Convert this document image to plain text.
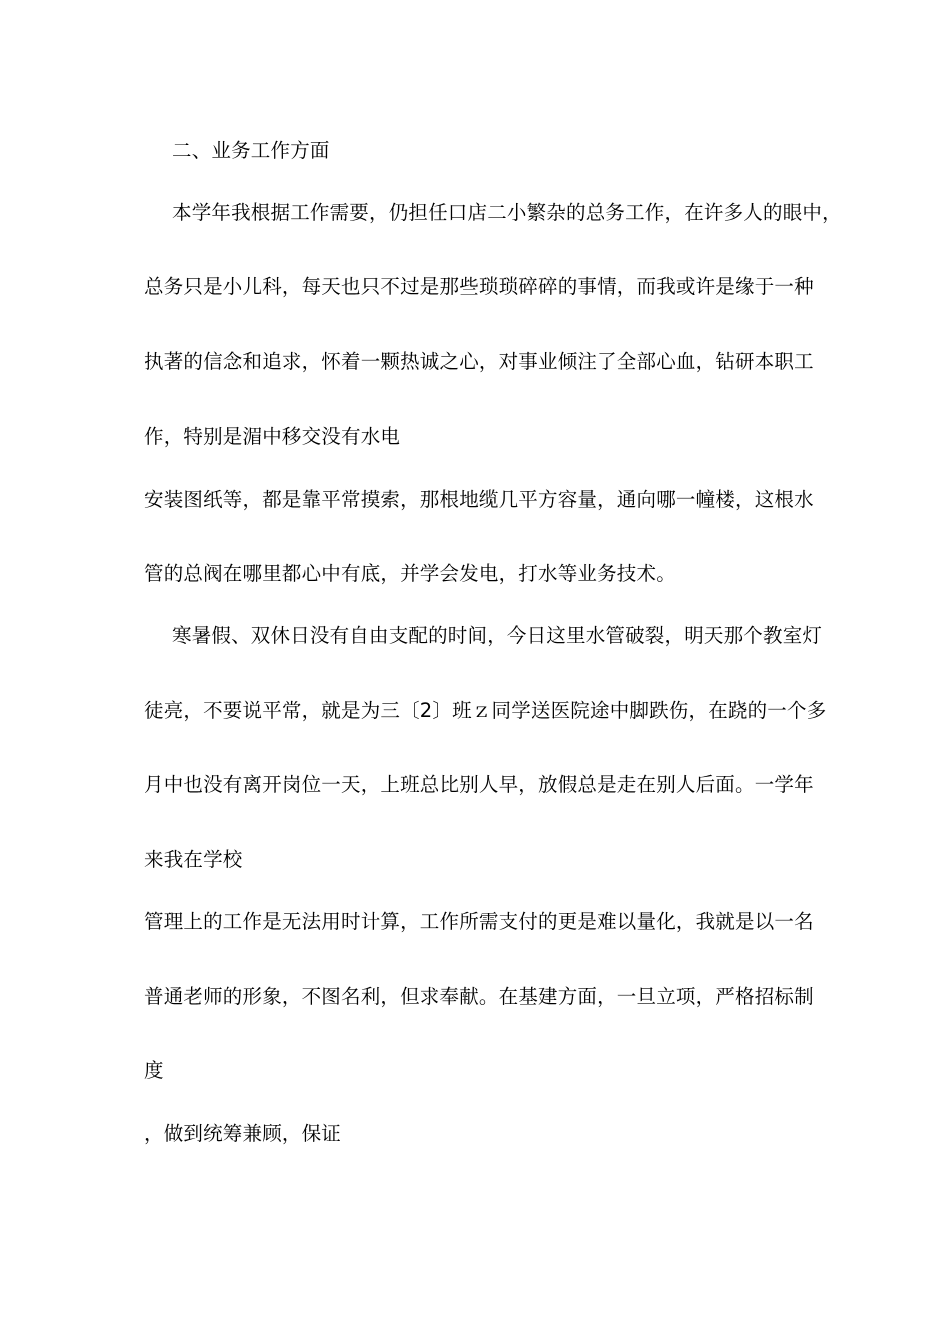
二、业务工作方面
本学年我根据工作需要，仍担任口店二小繁杂的总务工作，在许多人的眼中，
总务只是小儿科，每天也只不过是那些琐琐碎碎的事情，而我或许是缘于一种
执著的信念和追求，怀着一颗热诚之心，对事业倾注了全部心血，钻研本职工
作，特别是湄中移交没有水电
安装图纸等，都是靠平常摸索，那根地缆几平方容量，通向哪一幢楼，这根水
管的总阀在哪里都心中有底，并学会发电，打水等业务技术。
寒暑假、双休日没有自由支配的时间，今日这里水管破裂，明天那个教室灯
徒亮，不要说平常，就是为三〔2〕班ｚ同学送医院途中脚跌伤，在跷的一个多
月中也没有离开岗位一天，上班总比别人早，放假总是走在别人后面。一学年
来我在学校
管理上的工作是无法用时计算，工作所需支付的更是难以量化，我就是以一名
普通老师的形象，不图名利，但求奉献。在基建方面，一旦立项，严格招标制
度
，做到统筹兼顾，保证
